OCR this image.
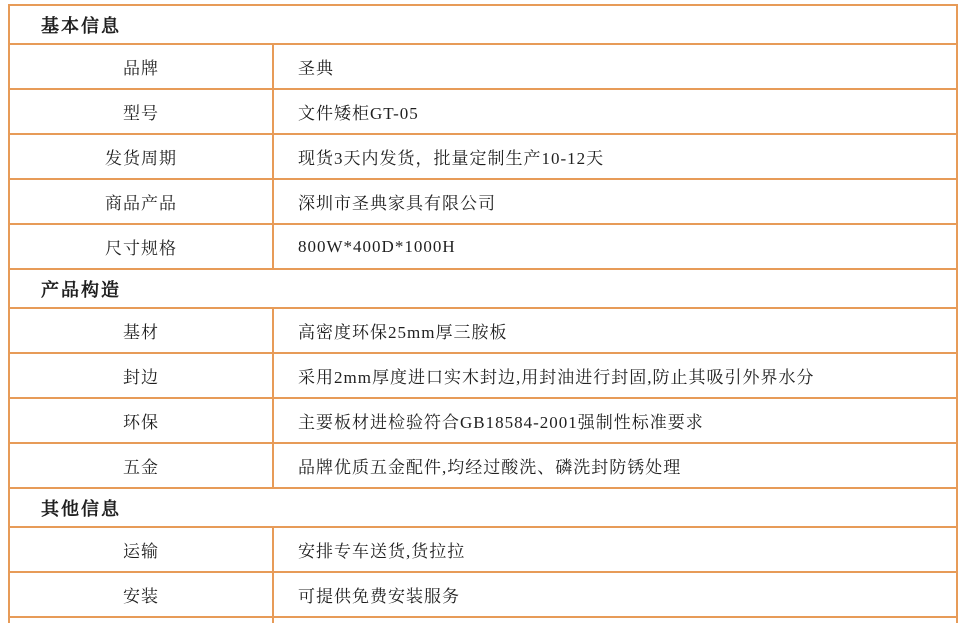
基本信息
品牌	圣典
型号	文件矮柜GT-05
发货周期	现货3天内发货，批量定制生产10-12天
商品产品	深圳市圣典家具有限公司
尺寸规格	800W*400D*1000H
产品构造
基材	高密度环保25mm厚三胺板
封边	采用2mm厚度进口实木封边,用封油进行封固,防止其吸引外界水分
环保	主要板材进检验符合GB18584-2001强制性标准要求
五金	品牌优质五金配件,均经过酸洗、磷洗封防锈处理
其他信息
运输	安排专车送货,货拉拉
安装	可提供免费安装服务
